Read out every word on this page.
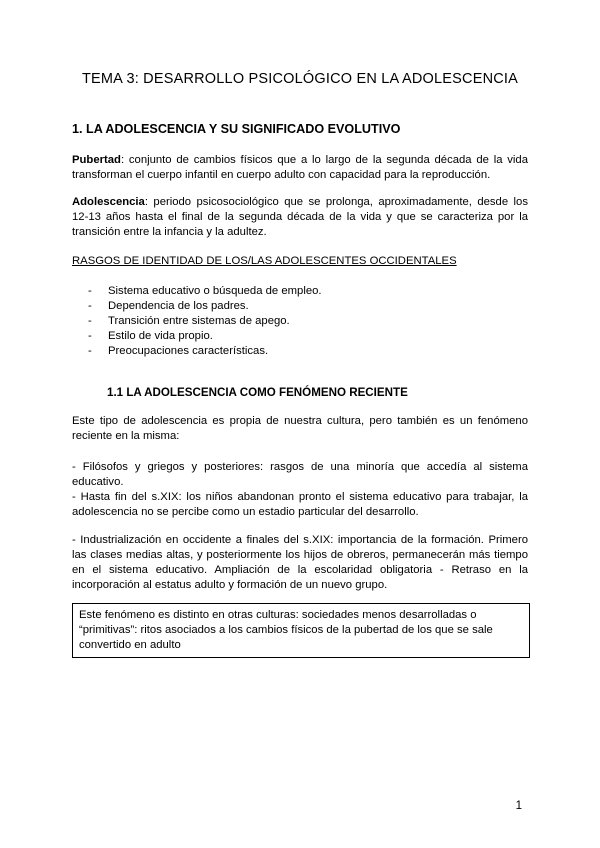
TEMA 3: DESARROLLO PSICOLÓGICO EN LA ADOLESCENCIA
1. LA ADOLESCENCIA Y SU SIGNIFICADO EVOLUTIVO
Pubertad: conjunto de cambios físicos que a lo largo de la segunda década de la vida transforman el cuerpo infantil en cuerpo adulto con capacidad para la reproducción.
Adolescencia: periodo psicosociológico que se prolonga, aproximadamente, desde los 12-13 años hasta el final de la segunda década de la vida y que se caracteriza por la transición entre la infancia y la adultez.
RASGOS DE IDENTIDAD DE LOS/LAS ADOLESCENTES OCCIDENTALES
- Sistema educativo o búsqueda de empleo.
- Dependencia de los padres.
- Transición entre sistemas de apego.
- Estilo de vida propio.
- Preocupaciones características.
1.1 LA ADOLESCENCIA COMO FENÓMENO RECIENTE
Este tipo de adolescencia es propia de nuestra cultura, pero también es un fenómeno reciente en la misma:
- Filósofos y griegos y posteriores: rasgos de una minoría que accedía al sistema educativo.
- Hasta fin del s.XIX: los niños abandonan pronto el sistema educativo para trabajar, la adolescencia no se percibe como un estadio particular del desarrollo.
- Industrialización en occidente a finales del s.XIX: importancia de la formación. Primero las clases medias altas, y posteriormente los hijos de obreros, permanecerán más tiempo en el sistema educativo. Ampliación de la escolaridad obligatoria - Retraso en la incorporación al estatus adulto y formación de un nuevo grupo.
Este fenómeno es distinto en otras culturas: sociedades menos desarrolladas o “primitivas”: ritos asociados a los cambios físicos de la pubertad de los que se sale convertido en adulto
1
